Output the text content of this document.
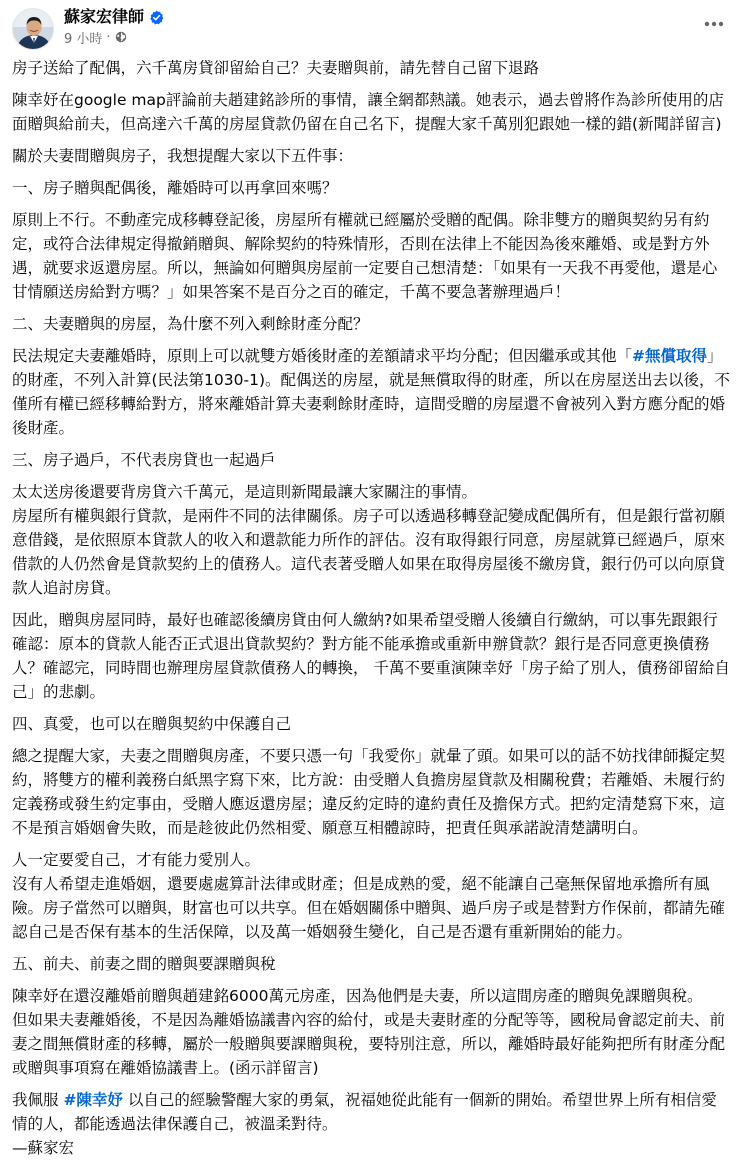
蘇家宏律師
9 小時 ·

房子送給了配偶，六千萬房貸卻留給自己？夫妻贈與前，請先替自己留下退路

陳幸妤在google map評論前夫趙建銘診所的事情，讓全網都熱議。她表示，過去曾將作為診所使用的店面贈與給前夫，但高達六千萬的房屋貸款仍留在自己名下，提醒大家千萬別犯跟她一樣的錯(新聞詳留言)

關於夫妻間贈與房子，我想提醒大家以下五件事：

一、房子贈與配偶後，離婚時可以再拿回來嗎？

原則上不行。不動產完成移轉登記後，房屋所有權就已經屬於受贈的配偶。除非雙方的贈與契約另有約定，或符合法律規定得撤銷贈與、解除契約的特殊情形，否則在法律上不能因為後來離婚、或是對方外遇，就要求返還房屋。所以，無論如何贈與房屋前一定要自己想清楚：「如果有一天我不再愛他，還是心甘情願送房給對方嗎？」如果答案不是百分之百的確定，千萬不要急著辦理過戶！

二、夫妻贈與的房屋，為什麼不列入剩餘財產分配？

民法規定夫妻離婚時，原則上可以就雙方婚後財產的差額請求平均分配；但因繼承或其他「#無償取得」的財產，不列入計算(民法第1030-1)。配偶送的房屋，就是無償取得的財產，所以在房屋送出去以後，不僅所有權已經移轉給對方，將來離婚計算夫妻剩餘財產時，這間受贈的房屋還不會被列入對方應分配的婚後財產。

三、房子過戶，不代表房貸也一起過戶

太太送房後還要背房貸六千萬元，是這則新聞最讓大家關注的事情。

房屋所有權與銀行貸款，是兩件不同的法律關係。房子可以透過移轉登記變成配偶所有，但是銀行當初願意借錢，是依照原本貸款人的收入和還款能力所作的評估。沒有取得銀行同意，房屋就算已經過戶，原來借款的人仍然會是貸款契約上的債務人。這代表著受贈人如果在取得房屋後不繳房貸，銀行仍可以向原貸款人追討房貸。

因此，贈與房屋同時，最好也確認後續房貸由何人繳納?如果希望受贈人後續自行繳納，可以事先跟銀行確認：原本的貸款人能否正式退出貸款契約？對方能不能承擔或重新申辦貸款？銀行是否同意更換債務人？確認完，同時間也辦理房屋貸款債務人的轉換， 千萬不要重演陳幸妤「房子給了別人，債務卻留給自己」的悲劇。

四、真愛，也可以在贈與契約中保護自己

總之提醒大家，夫妻之間贈與房產，不要只憑一句「我愛你」就暈了頭。如果可以的話不妨找律師擬定契約，將雙方的權利義務白紙黑字寫下來，比方說：由受贈人負擔房屋貸款及相關稅費；若離婚、未履行約定義務或發生約定事由，受贈人應返還房屋；違反約定時的違約責任及擔保方式。把約定清楚寫下來，這不是預言婚姻會失敗，而是趁彼此仍然相愛、願意互相體諒時，把責任與承諾說清楚講明白。

人一定要愛自己，才有能力愛別人。

沒有人希望走進婚姻，還要處處算計法律或財產；但是成熟的愛，絕不能讓自己毫無保留地承擔所有風險。房子當然可以贈與，財富也可以共享。但在婚姻關係中贈與、過戶房子或是替對方作保前，都請先確認自己是否保有基本的生活保障，以及萬一婚姻發生變化，自己是否還有重新開始的能力。

五、前夫、前妻之間的贈與要課贈與稅

陳幸妤在還沒離婚前贈與趙建銘6000萬元房產，因為他們是夫妻，所以這間房產的贈與免課贈與稅。

但如果夫妻離婚後，不是因為離婚協議書內容的給付，或是夫妻財產的分配等等，國稅局會認定前夫、前妻之間無償財產的移轉，屬於一般贈與要課贈與稅，要特別注意，所以，離婚時最好能夠把所有財產分配或贈與事項寫在離婚協議書上。(函示詳留言)

我佩服 #陳幸妤 以自己的經驗警醒大家的勇氣，祝福她從此能有一個新的開始。希望世界上所有相信愛情的人，都能透過法律保護自己，被溫柔對待。

—蘇家宏
